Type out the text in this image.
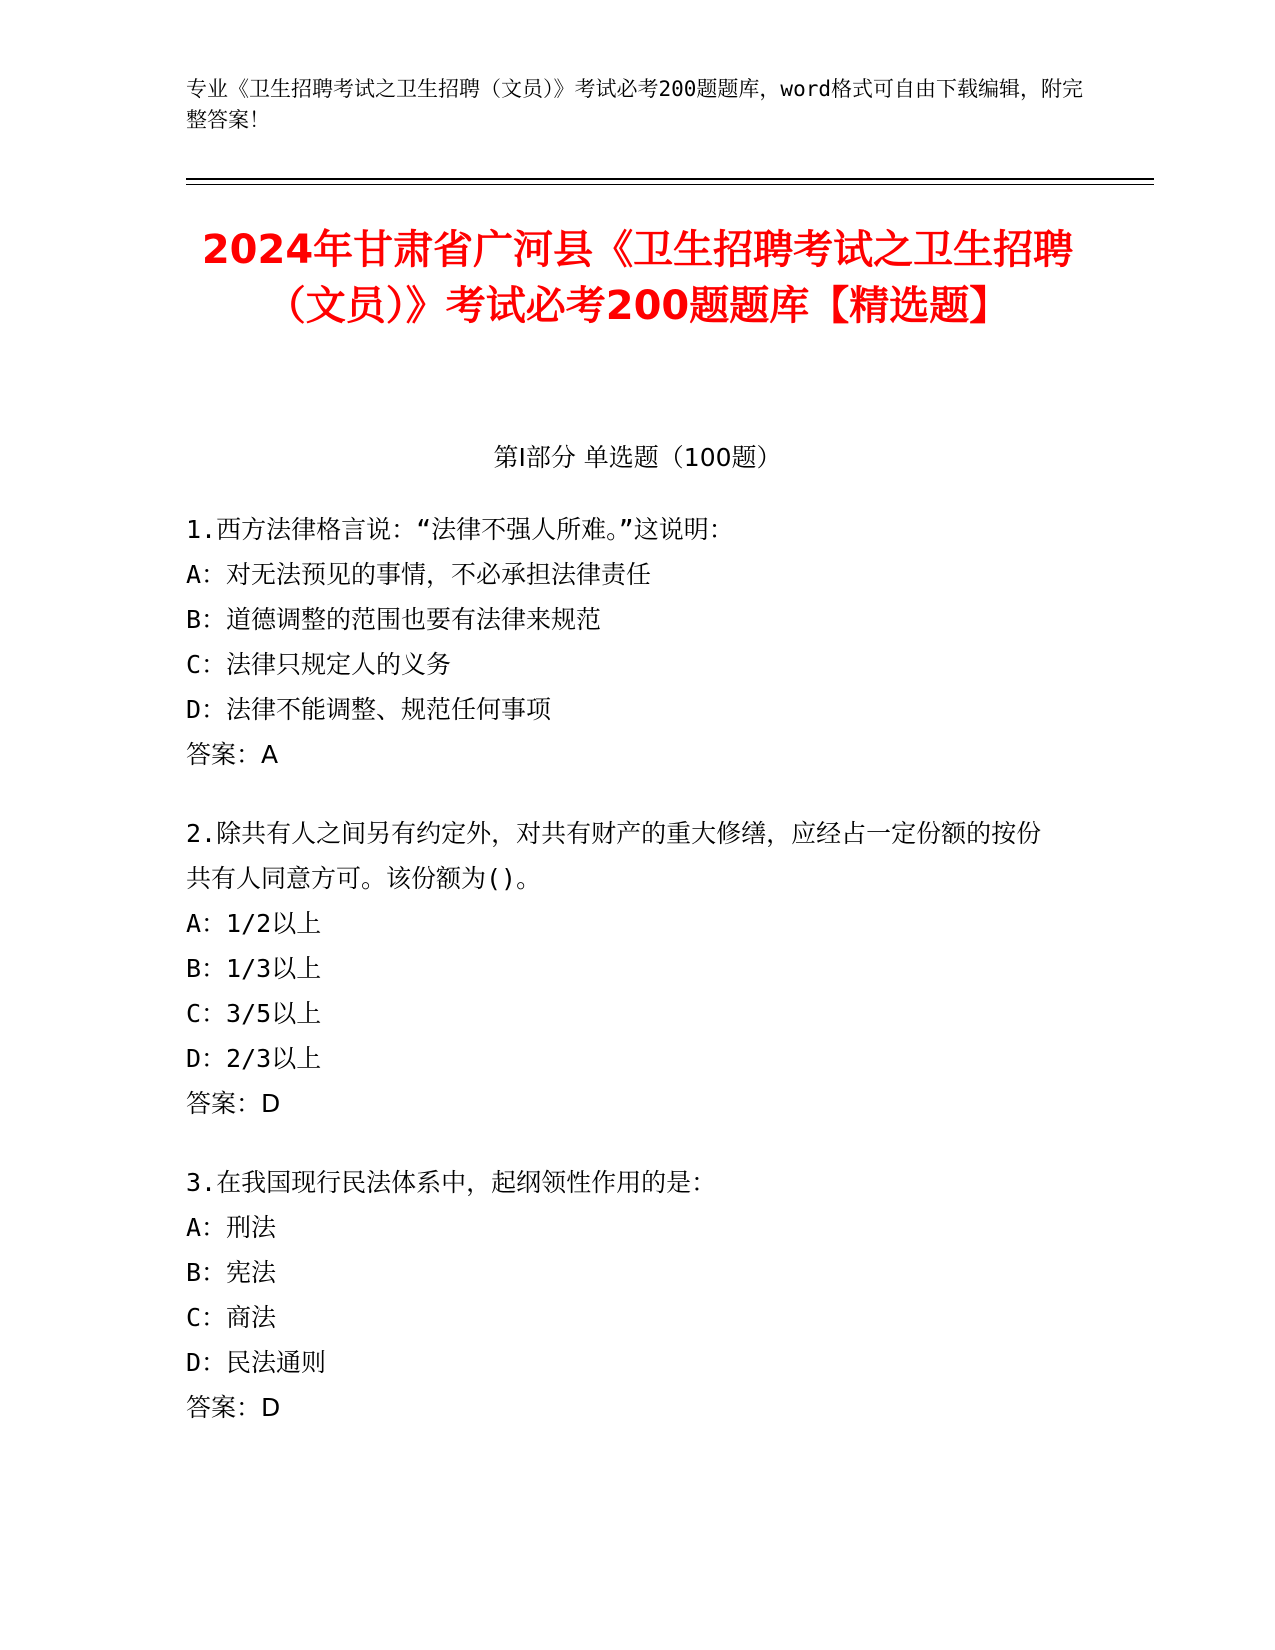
专业《卫生招聘考试之卫生招聘（文员）》考试必考200题题库，word格式可自由下载编辑，附完整答案！
2024年甘肃省广河县《卫生招聘考试之卫生招聘（文员）》考试必考200题题库【精选题】
第Ⅰ部分 单选题（100题）

1.西方法律格言说：“法律不强人所难。”这说明：

A：对无法预见的事情，不必承担法律责任

B：道德调整的范围也要有法律来规范

C：法律只规定人的义务

D：法律不能调整、规范任何事项

答案：A

2.除共有人之间另有约定外，对共有财产的重大修缮，应经占一定份额的按份共有人同意方可。该份额为()。

A：1/2以上

B：1/3以上

C：3/5以上

D：2/3以上

答案：D

3.在我国现行民法体系中，起纲领性作用的是：

A：刑法

B：宪法

C：商法

D：民法通则

答案：D
